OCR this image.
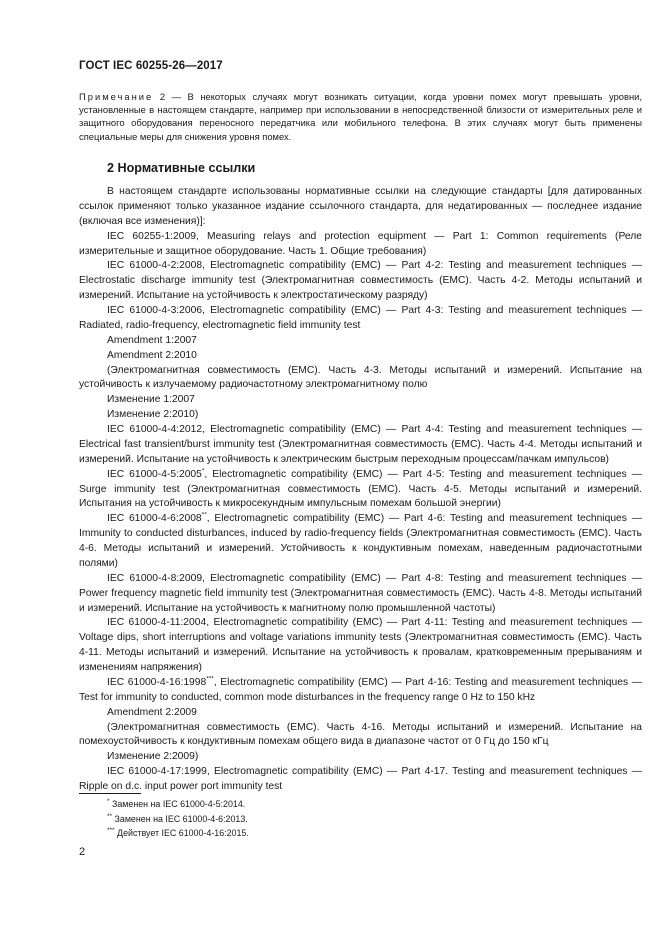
ГОСТ IEC 60255-26—2017
Примечание 2 — В некоторых случаях могут возникать ситуации, когда уровни помех могут превышать уровни, установленные в настоящем стандарте, например при использовании в непосредственной близости от измерительных реле и защитного оборудования переносного передатчика или мобильного телефона. В этих случаях могут быть применены специальные меры для снижения уровня помех.
2 Нормативные ссылки

В настоящем стандарте использованы нормативные ссылки на следующие стандарты [для датированных ссылок применяют только указанное издание ссылочного стандарта, для недатированных — последнее издание (включая все изменения)]:

IEC 60255-1:2009, Measuring relays and protection equipment — Part 1: Common requirements (Реле измерительные и защитное оборудование. Часть 1. Общие требования)

IEC 61000-4-2:2008, Electromagnetic compatibility (EMC) — Part 4-2: Testing and measurement techniques — Electrostatic discharge immunity test (Электромагнитная совместимость (ЕМС). Часть 4-2. Методы испытаний и измерений. Испытание на устойчивость к электростатическому разряду)

IEC 61000-4-3:2006, Electromagnetic compatibility (EMC) — Part 4-3: Testing and measurement techniques — Radiated, radio-frequency, electromagnetic field immunity test

Amendment 1:2007

Amendment 2:2010

(Электромагнитная совместимость (ЕМС). Часть 4-3. Методы испытаний и измерений. Испытание на устойчивость к излучаемому радиочастотному электромагнитному полю

Изменение 1:2007

Изменение 2:2010)

IEC 61000-4-4:2012, Electromagnetic compatibility (EMC) — Part 4-4: Testing and measurement techniques — Electrical fast transient/burst immunity test (Электромагнитная совместимость (ЕМС). Часть 4-4. Методы испытаний и измерений. Испытание на устойчивость к электрическим быстрым переходным процессам/пачкам импульсов)

IEC 61000-4-5:2005*, Electromagnetic compatibility (EMC) — Part 4-5: Testing and measurement techniques — Surge immunity test (Электромагнитная совместимость (ЕМС). Часть 4-5. Методы испытаний и измерений. Испытания на устойчивость к микросекундным импульсным помехам большой энергии)

IEC 61000-4-6:2008**, Electromagnetic compatibility (EMC) — Part 4-6: Testing and measurement techniques — Immunity to conducted disturbances, induced by radio-frequency fields (Электромагнитная совместимость (ЕМС). Часть 4-6. Методы испытаний и измерений. Устойчивость к кондуктивным помехам, наведенным радиочастотными полями)

IEC 61000-4-8:2009, Electromagnetic compatibility (EMC) — Part 4-8: Testing and measurement techniques — Power frequency magnetic field immunity test (Электромагнитная совместимость (ЕМС). Часть 4-8. Методы испытаний и измерений. Испытание на устойчивость к магнитному полю промышленной частоты)

IEC 61000-4-11:2004, Electromagnetic compatibility (EMC) — Part 4-11: Testing and measurement techniques — Voltage dips, short interruptions and voltage variations immunity tests (Электромагнитная совместимость (ЕМС). Часть 4-11. Методы испытаний и измерений. Испытание на устойчивость к провалам, кратковременным прерываниям и изменениям напряжения)

IEC 61000-4-16:1998***, Electromagnetic compatibility (EMC) — Part 4-16: Testing and measurement techniques — Test for immunity to conducted, common mode disturbances in the frequency range 0 Hz to 150 kHz

Amendment 2:2009

(Электромагнитная совместимость (ЕМС). Часть 4-16. Методы испытаний и измерений. Испытание на помехоустойчивость к кондуктивным помехам общего вида в диапазоне частот от 0 Гц до 150 кГц

Изменение 2:2009)

IEC 61000-4-17:1999, Electromagnetic compatibility (EMC) — Part 4-17. Testing and measurement techniques — Ripple on d.c. input power port immunity test

* Заменен на IEC 61000-4-5:2014.

** Заменен на IEC 61000-4-6:2013.

*** Действует IEC 61000-4-16:2015.

2
